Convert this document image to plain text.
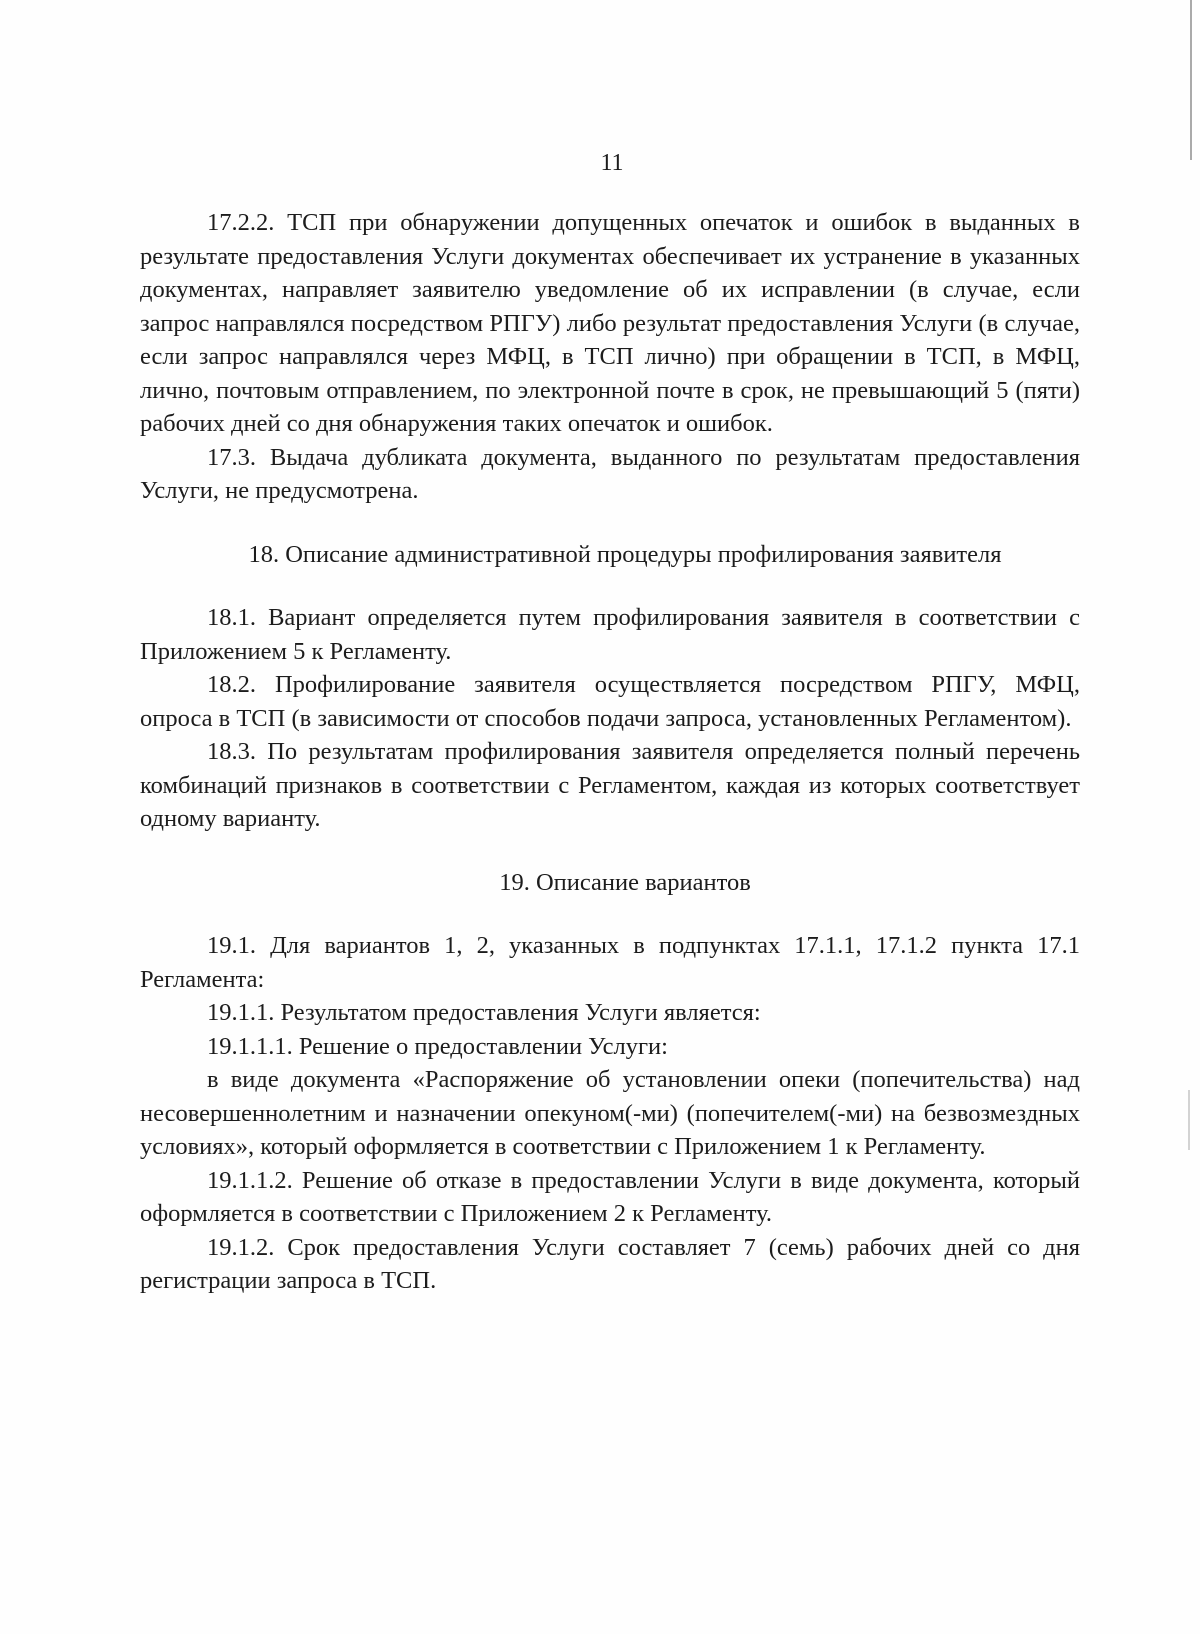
11

17.2.2. ТСП при обнаружении допущенных опечаток и ошибок в выданных в результате предоставления Услуги документах обеспечивает их устранение в указанных документах, направляет заявителю уведомление об их исправлении (в случае, если запрос направлялся посредством РПГУ) либо результат предоставления Услуги (в случае, если запрос направлялся через МФЦ, в ТСП лично) при обращении в ТСП, в МФЦ, лично, почтовым отправлением, по электронной почте в срок, не превышающий 5 (пяти) рабочих дней со дня обнаружения таких опечаток и ошибок.

17.3. Выдача дубликата документа, выданного по результатам предоставления Услуги, не предусмотрена.

18. Описание административной процедуры профилирования заявителя

18.1. Вариант определяется путем профилирования заявителя в соответствии с Приложением 5 к Регламенту.

18.2. Профилирование заявителя осуществляется посредством РПГУ, МФЦ, опроса в ТСП (в зависимости от способов подачи запроса, установленных Регламентом).

18.3. По результатам профилирования заявителя определяется полный перечень комбинаций признаков в соответствии с Регламентом, каждая из которых соответствует одному варианту.

19. Описание вариантов

19.1. Для вариантов 1, 2, указанных в подпунктах 17.1.1, 17.1.2 пункта 17.1 Регламента:

19.1.1. Результатом предоставления Услуги является:

19.1.1.1. Решение о предоставлении Услуги:

в виде документа «Распоряжение об установлении опеки (попечительства) над несовершеннолетним и назначении опекуном(-ми) (попечителем(-ми) на безвозмездных условиях», который оформляется в соответствии с Приложением 1 к Регламенту.

19.1.1.2. Решение об отказе в предоставлении Услуги в виде документа, который оформляется в соответствии с Приложением 2 к Регламенту.

19.1.2. Срок предоставления Услуги составляет 7 (семь) рабочих дней со дня регистрации запроса в ТСП.
